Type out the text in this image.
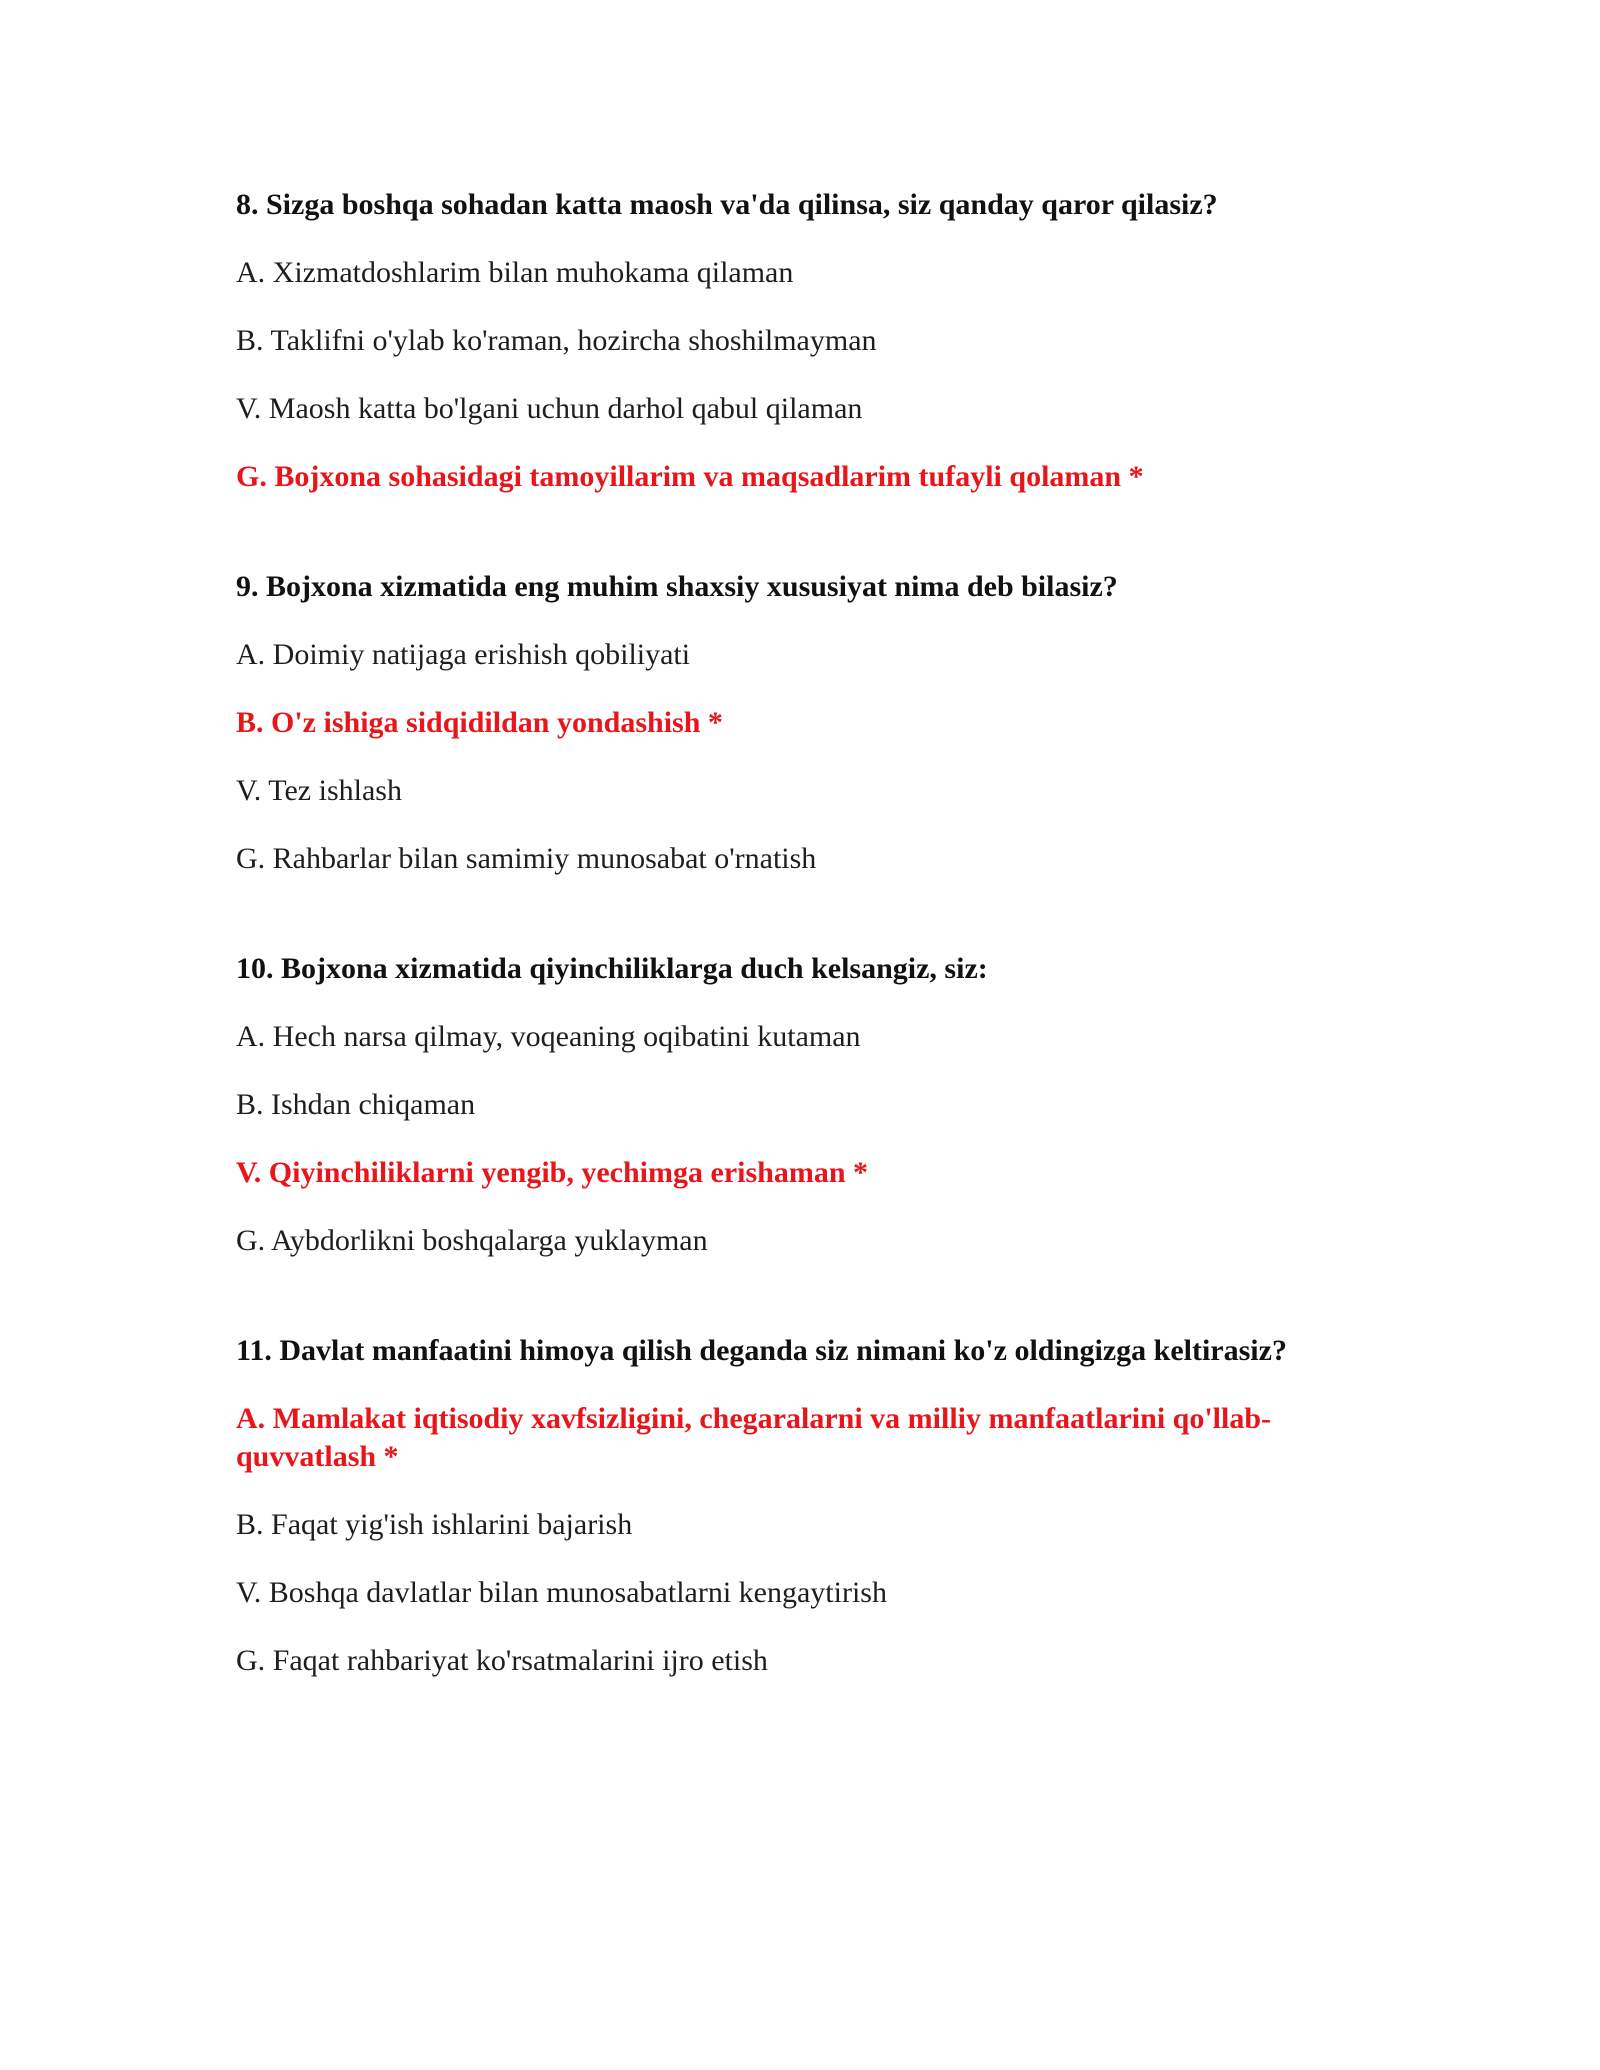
8. Sizga boshqa sohadan katta maosh va'da qilinsa, siz qanday qaror qilasiz?
A. Xizmatdoshlarim bilan muhokama qilaman
B. Taklifni o'ylab ko'raman, hozircha shoshilmayman
V. Maosh katta bo'lgani uchun darhol qabul qilaman
G. Bojxona sohasidagi tamoyillarim va maqsadlarim tufayli qolaman *
9. Bojxona xizmatida eng muhim shaxsiy xususiyat nima deb bilasiz?
A. Doimiy natijaga erishish qobiliyati
B. O'z ishiga sidqidildan yondashish *
V. Tez ishlash
G. Rahbarlar bilan samimiy munosabat o'rnatish
10. Bojxona xizmatida qiyinchiliklarga duch kelsangiz, siz:
A. Hech narsa qilmay, voqeaning oqibatini kutaman
B. Ishdan chiqaman
V. Qiyinchiliklarni yengib, yechimga erishaman *
G. Aybdorlikni boshqalarga yuklayman
11. Davlat manfaatini himoya qilish deganda siz nimani ko'z oldingizga keltirasiz?
A. Mamlakat iqtisodiy xavfsizligini, chegaralarni va milliy manfaatlarini qo'llab-quvvatlash *
B. Faqat yig'ish ishlarini bajarish
V. Boshqa davlatlar bilan munosabatlarni kengaytirish
G. Faqat rahbariyat ko'rsatmalarini ijro etish
